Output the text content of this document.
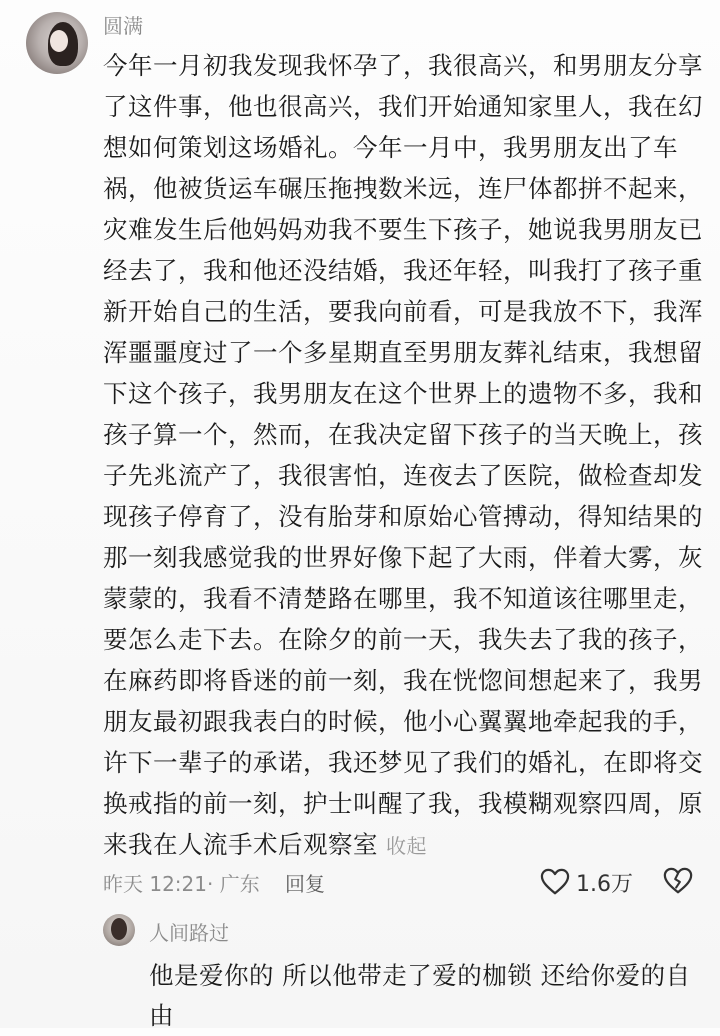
圆满
今年一月初我发现我怀孕了，我很高兴，和男朋友分享了这件事，他也很高兴，我们开始通知家里人，我在幻想如何策划这场婚礼。今年一月中，我男朋友出了车祸，他被货运车碾压拖拽数米远，连尸体都拼不起来，灾难发生后他妈妈劝我不要生下孩子，她说我男朋友已经去了，我和他还没结婚，我还年轻，叫我打了孩子重新开始自己的生活，要我向前看，可是我放不下，我浑浑噩噩度过了一个多星期直至男朋友葬礼结束，我想留下这个孩子，我男朋友在这个世界上的遗物不多，我和孩子算一个，然而，在我决定留下孩子的当天晚上，孩子先兆流产了，我很害怕，连夜去了医院，做检查却发现孩子停育了，没有胎芽和原始心管搏动，得知结果的那一刻我感觉我的世界好像下起了大雨，伴着大雾，灰蒙蒙的，我看不清楚路在哪里，我不知道该往哪里走，要怎么走下去。在除夕的前一天，我失去了我的孩子，在麻药即将昏迷的前一刻，我在恍惚间想起来了，我男朋友最初跟我表白的时候，他小心翼翼地牵起我的手，许下一辈子的承诺，我还梦见了我们的婚礼，在即将交换戒指的前一刻，护士叫醒了我，我模糊观察四周，原来我在人流手术后观察室 收起
昨天 12:21· 广东 回复	1.6万
人间路过
他是爱你的 所以他带走了爱的枷锁 还给你爱的自由
